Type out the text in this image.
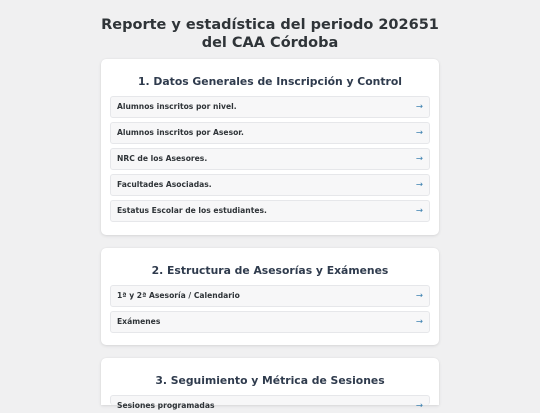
Reporte y estadística del periodo 202651
del CAA Córdoba
1. Datos Generales de Inscripción y Control
Alumnos inscritos por nivel.	→
Alumnos inscritos por Asesor.	→
NRC de los Asesores.	→
Facultades Asociadas.	→
Estatus Escolar de los estudiantes.	→
2. Estructura de Asesorías y Exámenes
1ª y 2ª Asesoría / Calendario	→
Exámenes	→
3. Seguimiento y Métrica de Sesiones
Sesiones programadas	→
